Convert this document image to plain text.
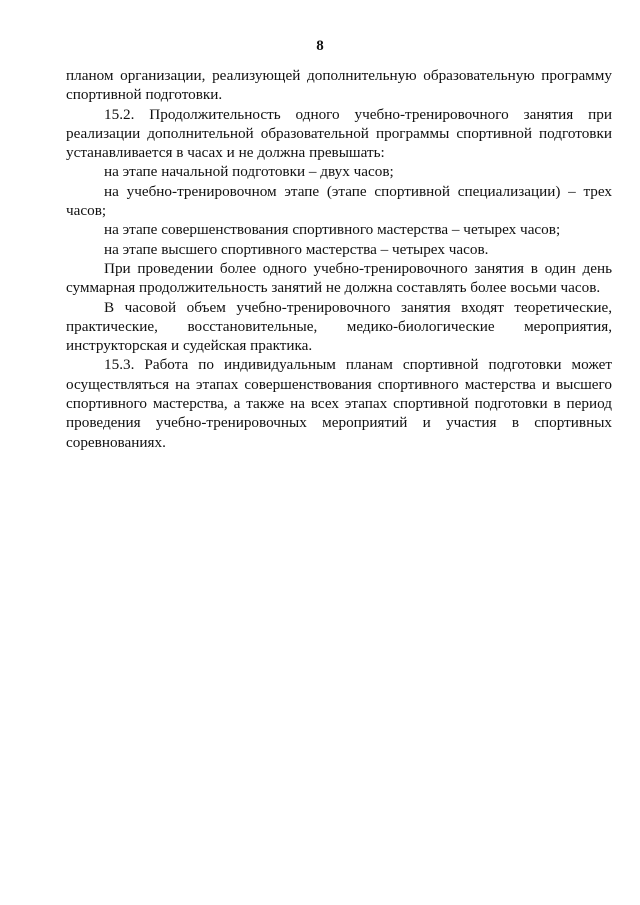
8

планом организации, реализующей дополнительную образовательную программу спортивной подготовки.

15.2. Продолжительность одного учебно-тренировочного занятия при реализации дополнительной образовательной программы спортивной подготовки устанавливается в часах и не должна превышать:

на этапе начальной подготовки – двух часов;

на учебно-тренировочном этапе (этапе спортивной специализации) – трех часов;

на этапе совершенствования спортивного мастерства – четырех часов;

на этапе высшего спортивного мастерства – четырех часов.

При проведении более одного учебно-тренировочного занятия в один день суммарная продолжительность занятий не должна составлять более восьми часов.

В часовой объем учебно-тренировочного занятия входят теоретические, практические, восстановительные, медико-биологические мероприятия, инструкторская и судейская практика.

15.3. Работа по индивидуальным планам спортивной подготовки может осуществляться на этапах совершенствования спортивного мастерства и высшего спортивного мастерства, а также на всех этапах спортивной подготовки в период проведения учебно-тренировочных мероприятий и участия в спортивных соревнованиях.
